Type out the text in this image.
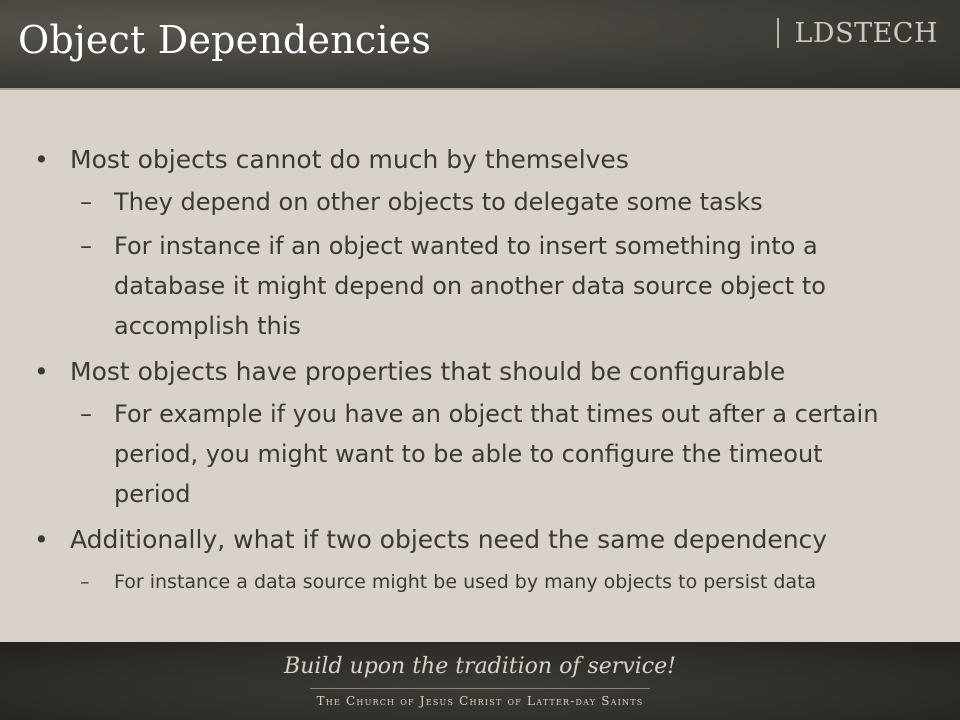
Object Dependencies	LDSTECH
• Most objects cannot do much by themselves
– They depend on other objects to delegate some tasks
– For instance if an object wanted to insert something into a database it might depend on another data source object to accomplish this
• Most objects have properties that should be configurable
– For example if you have an object that times out after a certain period, you might want to be able to configure the timeout period
• Additionally, what if two objects need the same dependency
– For instance a data source might be used by many objects to persist data
Build upon the tradition of service!
The Church of Jesus Christ of Latter-day Saints
